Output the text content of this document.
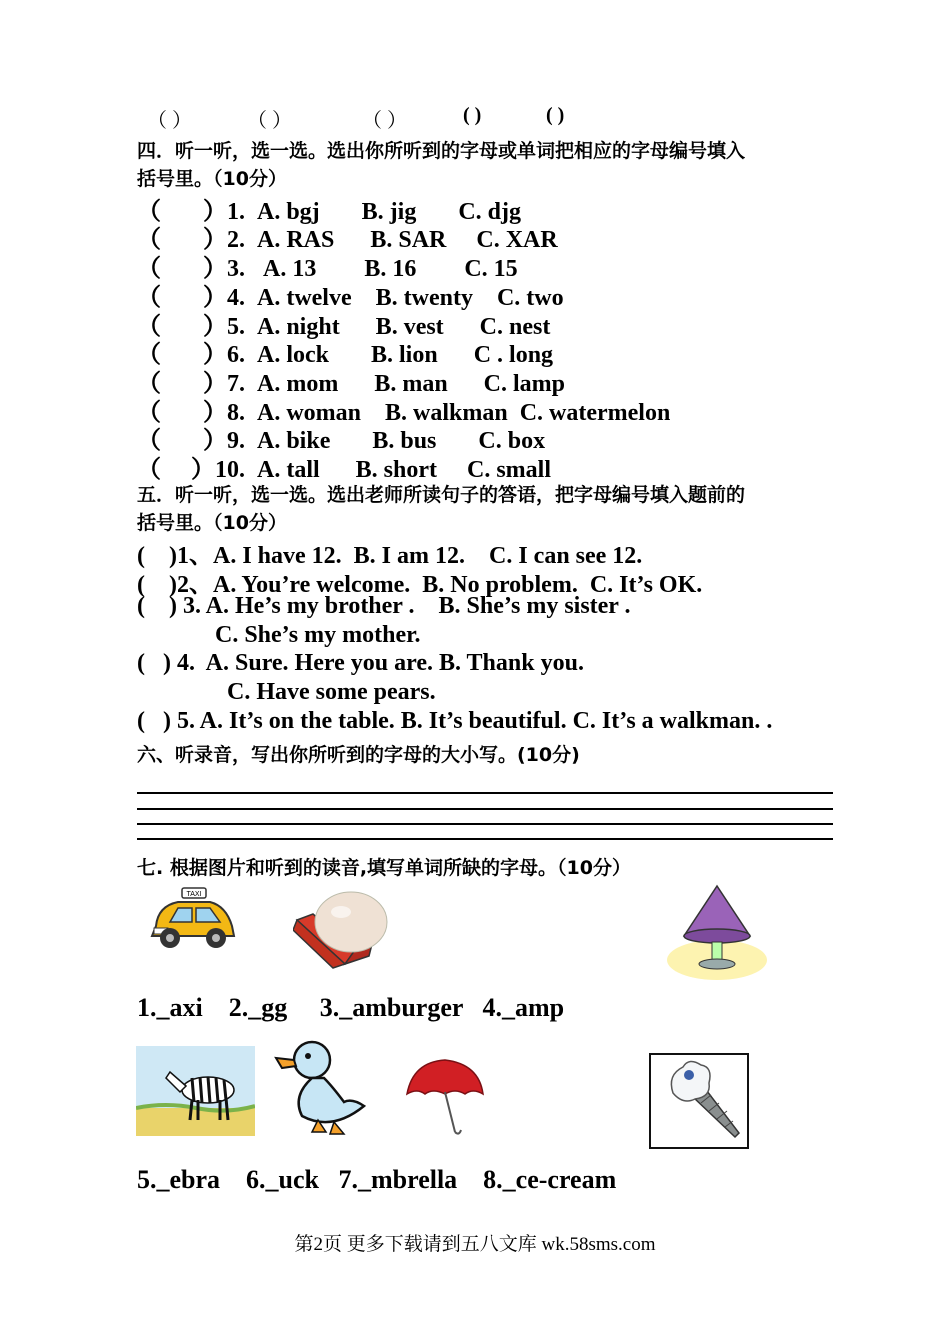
（ ）	（ ）	（ ）	( )	( )
四．听一听，选一选。选出你所听到的字母或单词把相应的字母编号填入
括号里。（10分）
（       ）1.  A. bgj       B. jig       C. djg
（       ）2.  A. RAS      B. SAR     C. XAR
（       ）3.   A. 13        B. 16        C. 15
（       ）4.  A. twelve    B. twenty    C. two
（       ）5.  A. night      B. vest      C. nest
（       ）6.  A. lock       B. lion      C . long
（       ）7.  A. mom      B. man      C. lamp
（       ）8.  A. woman    B. walkman  C. watermelon
（       ）9.  A. bike       B. bus       C. box
（     ）10.  A. tall      B. short     C. small
五．听一听，选一选。选出老师所读句子的答语，把字母编号填入题前的
括号里。（10分）
(    )1、A. I have 12.  B. I am 12.    C. I can see 12.
(    )2、A. You’re welcome.  B. No problem.  C. It’s OK.
(    ) 3. A. He’s my brother .    B. She’s my sister .
C. She’s my mother.
(   ) 4.  A. Sure. Here you are. B. Thank you.
C. Have some pears.
(   ) 5. A. It’s on the table. B. It’s beautiful. C. It’s a walkman. .
六、听录音，写出你所听到的字母的大小写。(10分)
七. 根据图片和听到的读音,填写单词所缺的字母。（10分）
TAXI
1._axi    2._gg     3._amburger   4._amp
5._ebra    6._uck   7._mbrella    8._ce-cream
第2页 更多下载请到五八文库 wk.58sms.com
